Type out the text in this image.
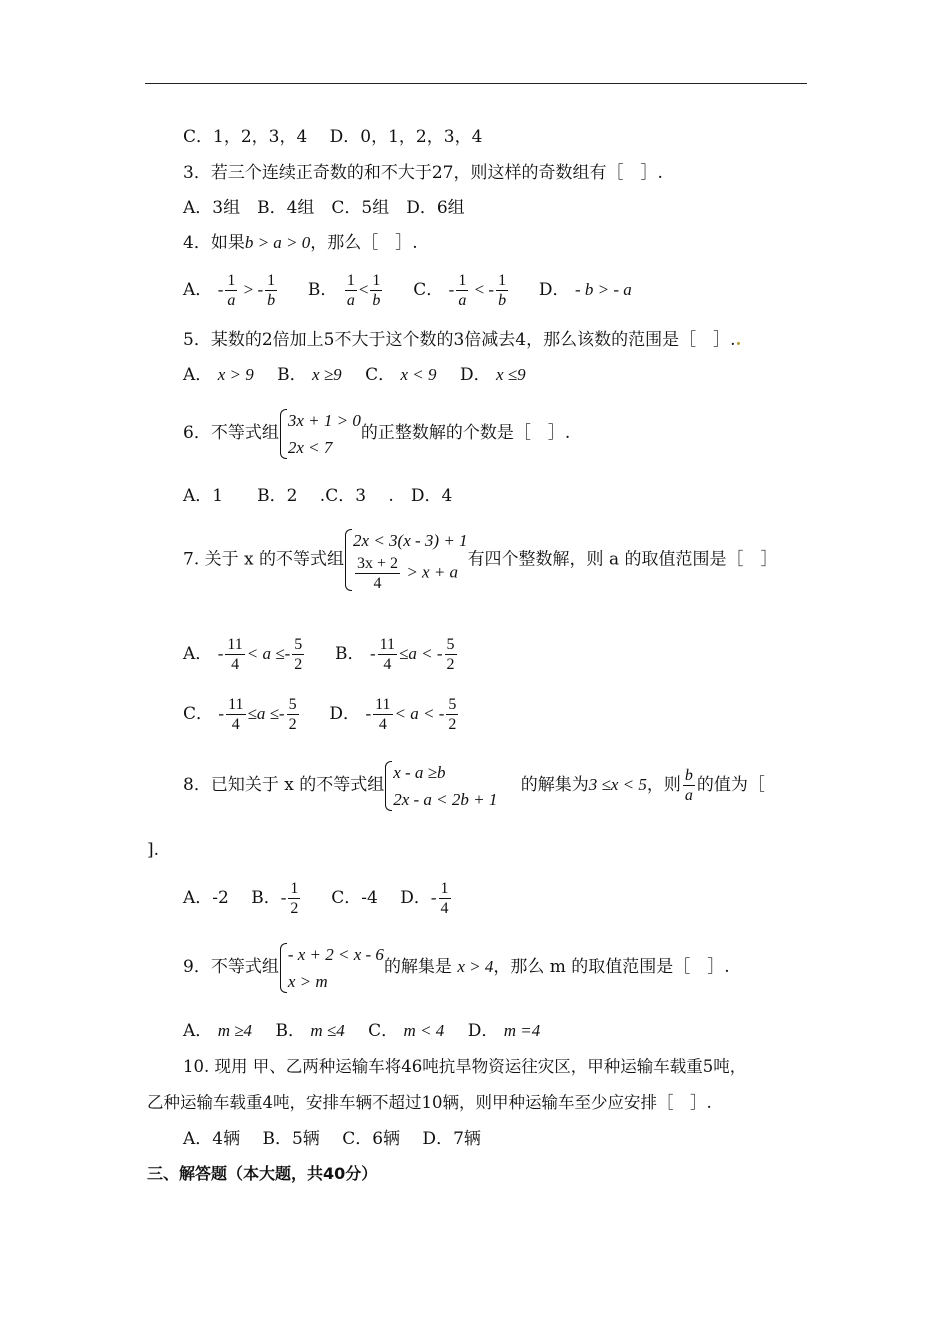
C．1，2，3，4　 D．0，1，2，3，4
3．若三个连续正奇数的和不大于27，则这样的奇数组有［　］.
A．3组　B．4组　C．5组　D．6组
4．如果b > a > 0，那么［　］.
A． - $\frac{1}{a}$ > - $\frac{1}{b}$ B． $\frac{1}{a} < \frac{1}{b}$ C． - $\frac{1}{a}$ < - $\frac{1}{b}$ D． - b > - a
5．某数的2倍加上5不大于这个数的3倍减去4，那么该数的范围是［　］..
A． x > 9 B． x ≥9 C． x < 9 D． x ≤9
6．不等式组
3x + 1 > 0
2x < 7
的正整数解的个数是［　］.
A．1　　B．2　 .C．3　 .　D．4
7. 关于 x 的不等式组
2x < 3(x - 3) + 1
$\frac{3x + 2}{4} > x + a$
有四个整数解，则 a 的取值范围是［　］
A． - $\frac{11}{4} < a \le- \frac{5}{2}$ B． - $\frac{11}{4} \le a$ < - $\frac{5}{2}$
C． - $\frac{11}{4} \le a \le- \frac{5}{2}$ D． - $\frac{11}{4} < a$ < - $\frac{5}{2}$
8．已知关于 x 的不等式组
x - a ≥b
2x - a < 2b + 1
的解集为3 ≤x < 5，则 $\frac{b}{a}$ 的值为［
].
A．-2　 B．- $\frac{1}{2}$ C．-4　 D．- $\frac{1}{4}$
9．不等式组
- x + 2 < x - 6
x > m
的解集是 x > 4，那么 m 的取值范围是［　］.
A． m ≥4 B． m ≤4 C． m < 4 D． m =4
10. 现用 甲、乙两种运输车将46吨抗旱物资运往灾区，甲种运输车载重5吨，
乙种运输车载重4吨，安排车辆不超过10辆，则甲种运输车至少应安排［　］.
A．4辆　 B．5辆　 C．6辆　 D．7辆
三、解答题（本大题，共40分）
